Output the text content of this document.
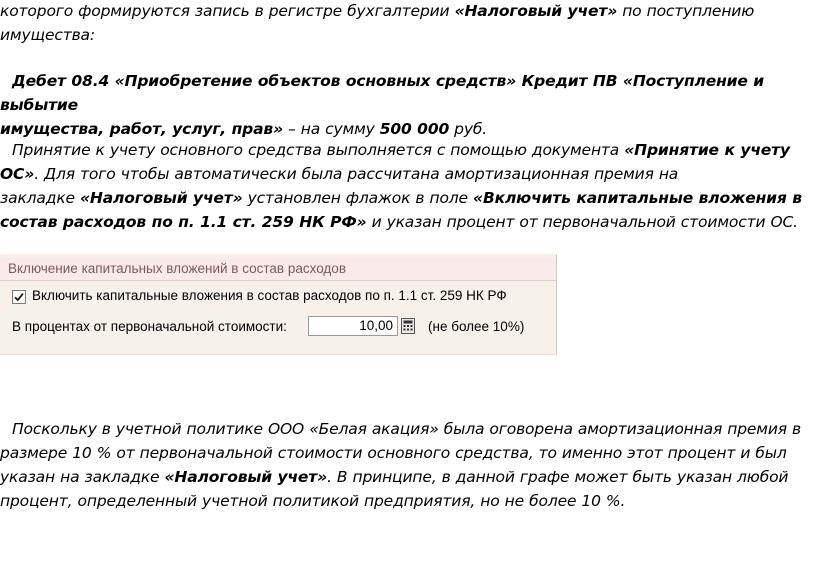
которого формируются запись в регистре бухгалтерии «Налоговый учет» по поступлению
имущества:

Дебет 08.4 «Приобретение объектов основных средств» Кредит ПВ «Поступление и выбытие
имущества, работ, услуг, прав» – на сумму 500 000 руб.

Принятие к учету основного средства выполняется с помощью документа «Принятие к учету
ОС». Для того чтобы автоматически была рассчитана амортизационная премия на
закладке «Налоговый учет» установлен флажок в поле «Включить капитальные вложения в
состав расходов по п. 1.1 ст. 259 НК РФ» и указан процент от первоначальной стоимости ОС.

Включение капитальных вложений в состав расходов
Включить капитальные вложения в состав расходов по п. 1.1 ст. 259 НК РФ
В процентах от первоначальной стоимости:	10,00	(не более 10%)

Поскольку в учетной политике ООО «Белая акация» была оговорена амортизационная премия в
размере 10 % от первоначальной стоимости основного средства, то именно этот процент и был
указан на закладке «Налоговый учет». В принципе, в данной графе может быть указан любой
процент, определенный учетной политикой предприятия, но не более 10 %.
